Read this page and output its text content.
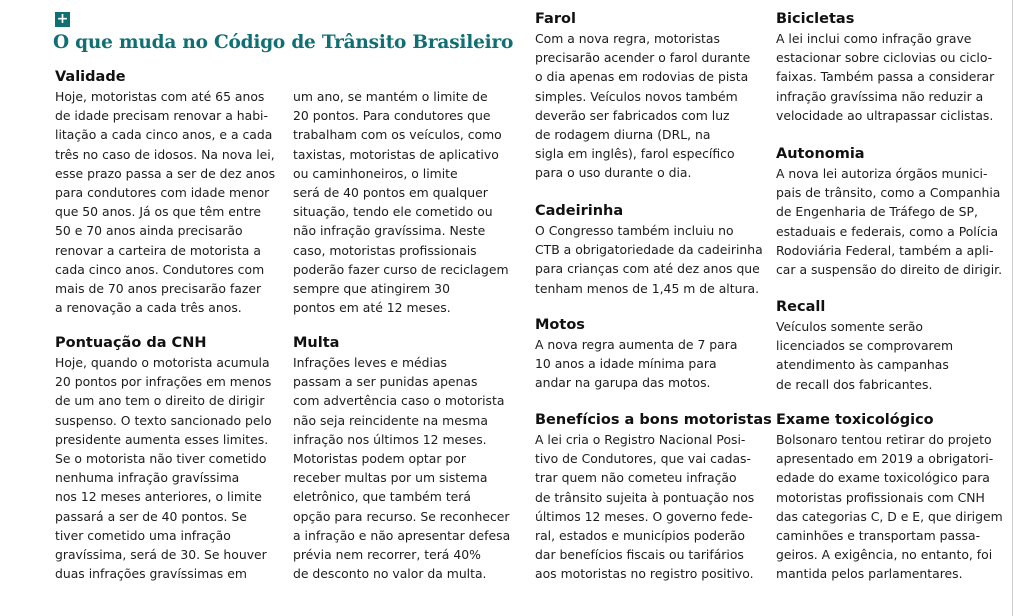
+
O que muda no Código de Trânsito Brasileiro
Validade
Hoje, motoristas com até 65 anos
de idade precisam renovar a habi-
litação a cada cinco anos, e a cada
três no caso de idosos. Na nova lei,
esse prazo passa a ser de dez anos
para condutores com idade menor
que 50 anos. Já os que têm entre
50 e 70 anos ainda precisarão
renovar a carteira de motorista a
cada cinco anos. Condutores com
mais de 70 anos precisarão fazer
a renovação a cada três anos.
Pontuação da CNH
Hoje, quando o motorista acumula
20 pontos por infrações em menos
de um ano tem o direito de dirigir
suspenso. O texto sancionado pelo
presidente aumenta esses limites.
Se o motorista não tiver cometido
nenhuma infração gravíssima
nos 12 meses anteriores, o limite
passará a ser de 40 pontos. Se
tiver cometido uma infração
gravíssima, será de 30. Se houver
duas infrações gravíssimas em
um ano, se mantém o limite de
20 pontos. Para condutores que
trabalham com os veículos, como
taxistas, motoristas de aplicativo
ou caminhoneiros, o limite
será de 40 pontos em qualquer
situação, tendo ele cometido ou
não infração gravíssima. Neste
caso, motoristas profissionais
poderão fazer curso de reciclagem
sempre que atingirem 30
pontos em até 12 meses.
Multa
Infrações leves e médias
passam a ser punidas apenas
com advertência caso o motorista
não seja reincidente na mesma
infração nos últimos 12 meses.
Motoristas podem optar por
receber multas por um sistema
eletrônico, que também terá
opção para recurso. Se reconhecer
a infração e não apresentar defesa
prévia nem recorrer, terá 40%
de desconto no valor da multa.
Farol
Com a nova regra, motoristas
precisarão acender o farol durante
o dia apenas em rodovias de pista
simples. Veículos novos também
deverão ser fabricados com luz
de rodagem diurna (DRL, na
sigla em inglês), farol específico
para o uso durante o dia.
Cadeirinha
O Congresso também incluiu no
CTB a obrigatoriedade da cadeirinha
para crianças com até dez anos que
tenham menos de 1,45 m de altura.
Motos
A nova regra aumenta de 7 para
10 anos a idade mínima para
andar na garupa das motos.
Benefícios a bons motoristas
A lei cria o Registro Nacional Posi-
tivo de Condutores, que vai cadas-
trar quem não cometeu infração
de trânsito sujeita à pontuação nos
últimos 12 meses. O governo fede-
ral, estados e municípios poderão
dar benefícios fiscais ou tarifários
aos motoristas no registro positivo.
Bicicletas
A lei inclui como infração grave
estacionar sobre ciclovias ou ciclo-
faixas. Também passa a considerar
infração gravíssima não reduzir a
velocidade ao ultrapassar ciclistas.
Autonomia
A nova lei autoriza órgãos munici-
pais de trânsito, como a Companhia
de Engenharia de Tráfego de SP,
estaduais e federais, como a Polícia
Rodoviária Federal, também a apli-
car a suspensão do direito de dirigir.
Recall
Veículos somente serão
licenciados se comprovarem
atendimento às campanhas
de recall dos fabricantes.
Exame toxicológico
Bolsonaro tentou retirar do projeto
apresentado em 2019 a obrigatori-
edade do exame toxicológico para
motoristas profissionais com CNH
das categorias C, D e E, que dirigem
caminhões e transportam passa-
geiros. A exigência, no entanto, foi
mantida pelos parlamentares.
